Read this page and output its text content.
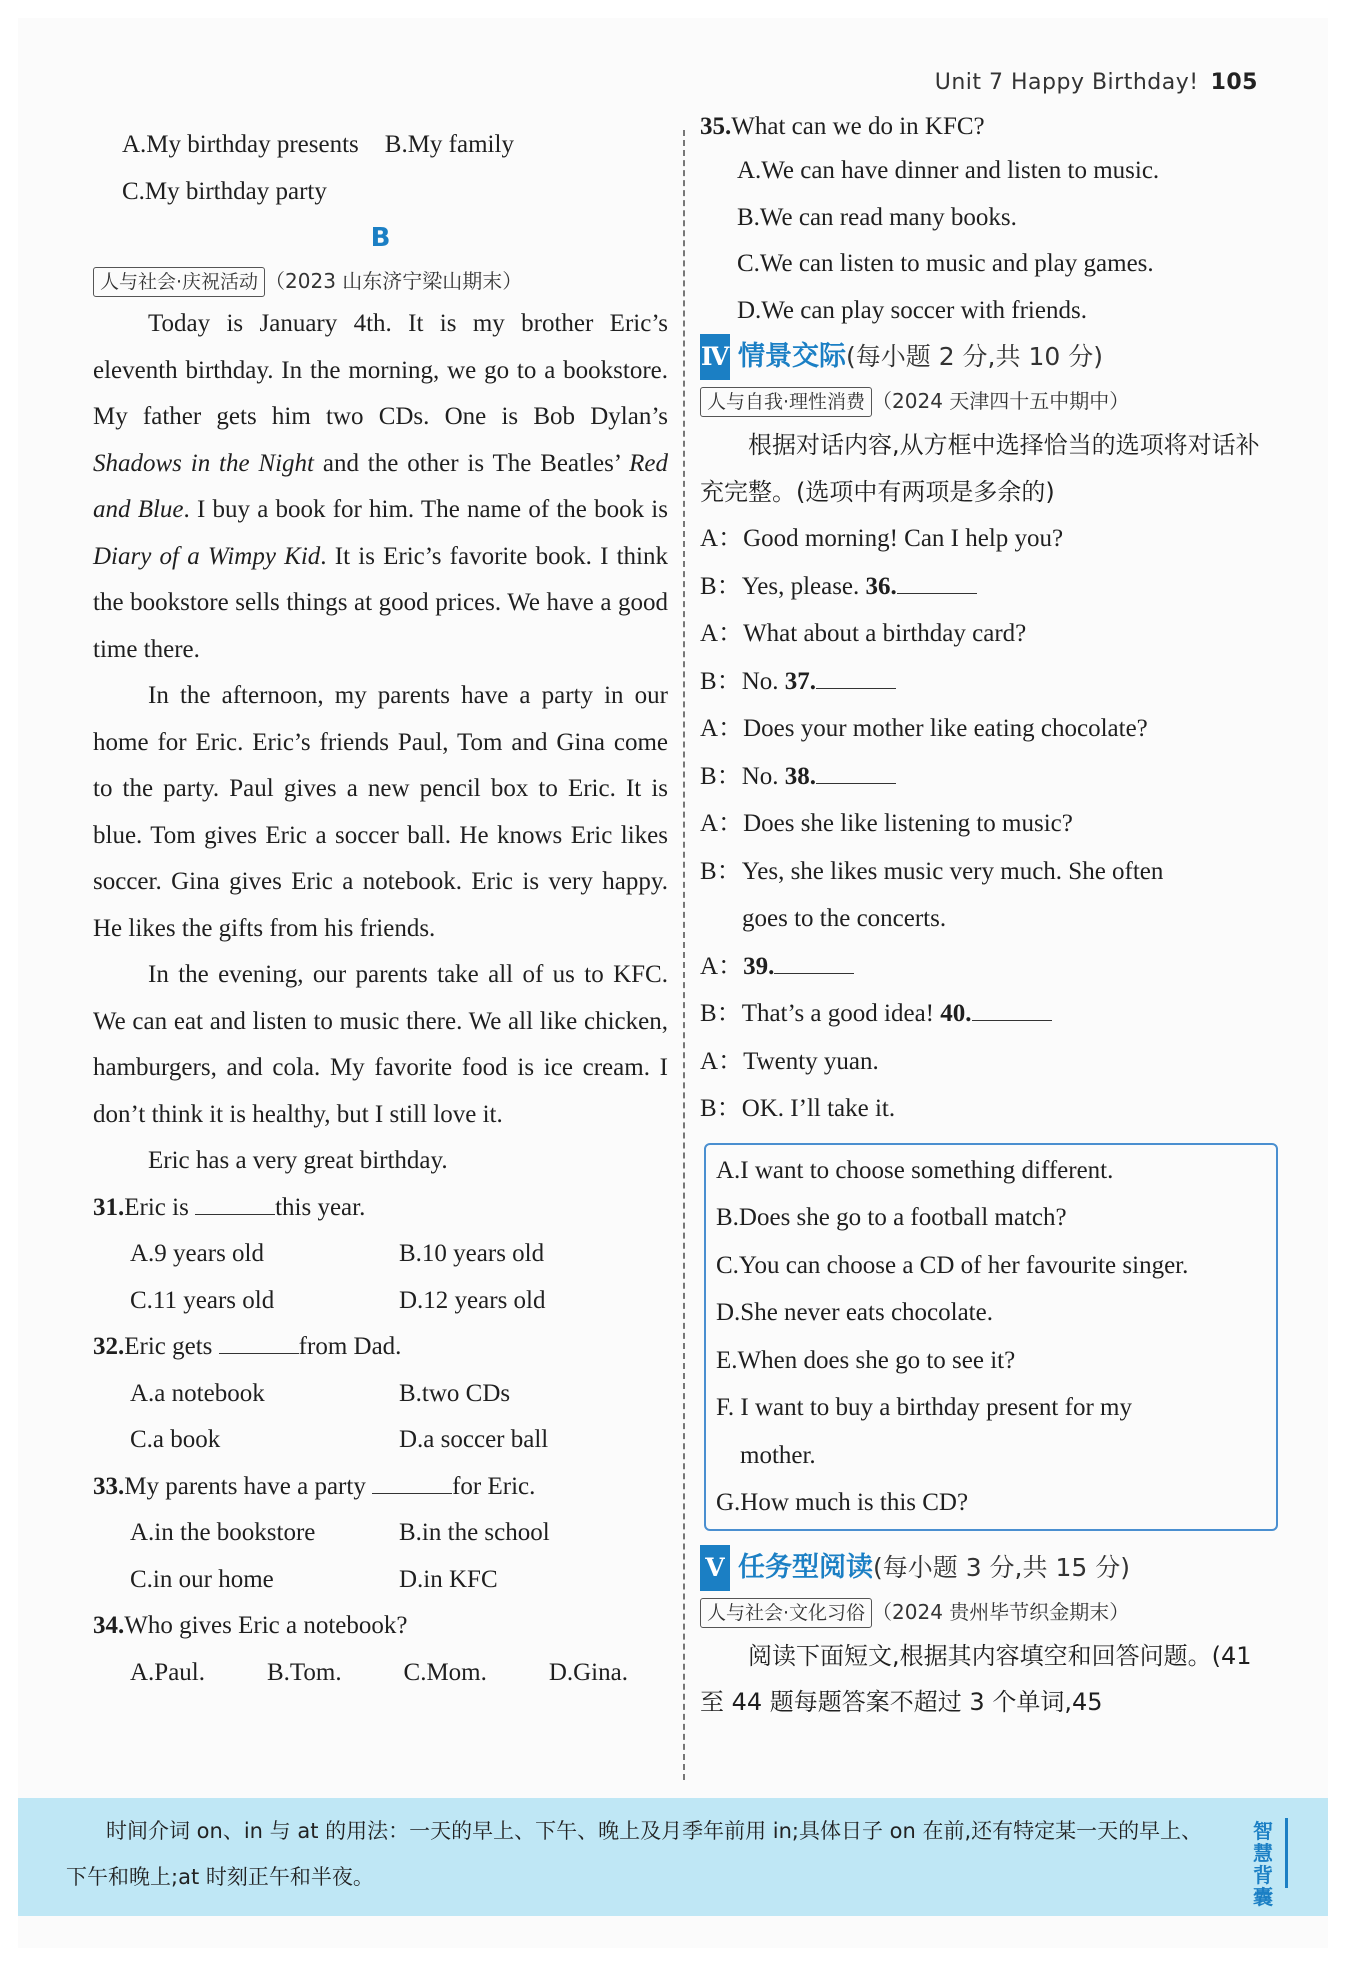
Unit 7 Happy Birthday! 105
A.My birthday presents B.My family
C.My birthday party
B
人与社会·庆祝活动 （2023 山东济宁梁山期末）
Today is January 4th. It is my brother Eric’s eleventh birthday. In the morning, we go to a bookstore. My father gets him two CDs. One is Bob Dylan’s Shadows in the Night and the other is The Beatles’ Red and Blue. I buy a book for him. The name of the book is Diary of a Wimpy Kid. It is Eric’s favorite book. I think the bookstore sells things at good prices. We have a good time there.
In the afternoon, my parents have a party in our home for Eric. Eric’s friends Paul, Tom and Gina come to the party. Paul gives a new pencil box to Eric. It is blue. Tom gives Eric a soccer ball. He knows Eric likes soccer. Gina gives Eric a notebook. Eric is very happy. He likes the gifts from his friends.
In the evening, our parents take all of us to KFC. We can eat and listen to music there. We all like chicken, hamburgers, and cola. My favorite food is ice cream. I don’t think it is healthy, but I still love it.
Eric has a very great birthday.
31.Eric is	this year.
A.9 years old	B.10 years old
C.11 years old	D.12 years old
32.Eric gets	from Dad.
A.a notebook	B.two CDs
C.a book	D.a soccer ball
33.My parents have a party	for Eric.
A.in the bookstore	B.in the school
C.in our home	D.in KFC
34.Who gives Eric a notebook?
A.Paul. B.Tom. C.Mom. D.Gina.
35.What can we do in KFC?
A.We can have dinner and listen to music.
B.We can read many books.
C.We can listen to music and play games.
D.We can play soccer with friends.
Ⅳ 情景交际(每小题 2 分,共 10 分)
人与自我·理性消费 （2024 天津四十五中期中）
根据对话内容,从方框中选择恰当的选项将对话补充完整。(选项中有两项是多余的)
A：Good morning! Can I help you?
B：Yes, please. 36.
A：What about a birthday card?
B：No. 37.
A：Does your mother like eating chocolate?
B：No. 38.
A：Does she like listening to music?
B：Yes, she likes music very much. She often
goes to the concerts.
A：39.
B：That’s a good idea! 40.
A：Twenty yuan.
B：OK. I’ll take it.
A.I want to choose something different.
B.Does she go to a football match?
C.You can choose a CD of her favourite singer.
D.She never eats chocolate.
E.When does she go to see it?
F. I want to buy a birthday present for my
mother.
G.How much is this CD?
Ⅴ 任务型阅读(每小题 3 分,共 15 分)
人与社会·文化习俗 （2024 贵州毕节织金期末）
阅读下面短文,根据其内容填空和回答问题。(41 至 44 题每题答案不超过 3 个单词,45
时间介词 on、in 与 at 的用法：一天的早上、下午、晚上及月季年前用 in;具体日子 on 在前,还有特定某一天的早上、下午和晚上;at 时刻正午和半夜。
智慧背囊
